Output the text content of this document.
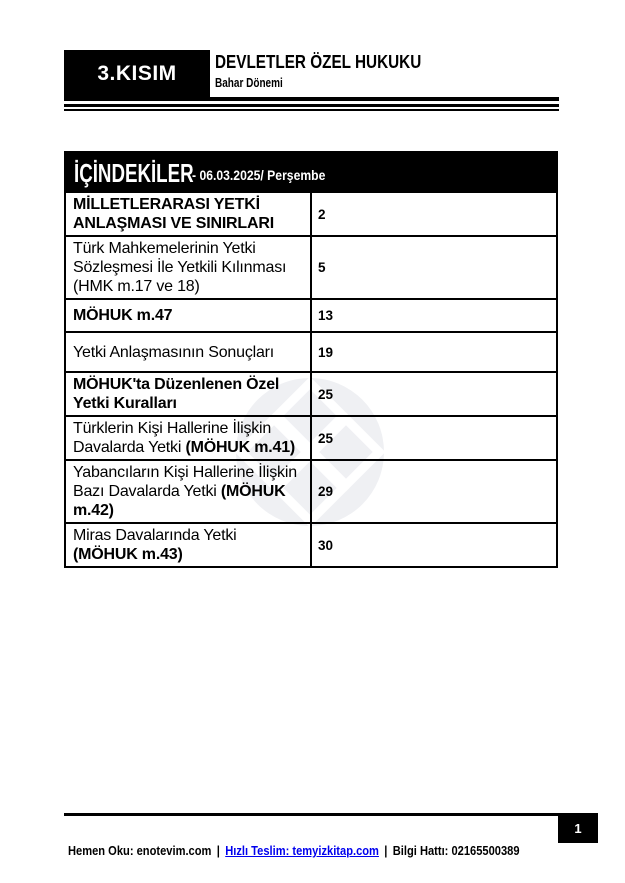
3.KISIM DEVLETLER ÖZEL HUKUKU
Bahar Dönemi
İÇİNDEKİLER
- 06.03.2025/ Perşembe	

MİLLETLERARASI YETKİ ANLAŞMASI VE SINIRLARI	2
Türk Mahkemelerinin Yetki Sözleşmesi İle Yetkili Kılınması (HMK m.17 ve 18)	5
MÖHUK m.47	13
Yetki Anlaşmasının Sonuçları	19
MÖHUK'ta Düzenlenen Özel Yetki Kuralları	25
Türklerin Kişi Hallerine İlişkin Davalarda Yetki (MÖHUK m.41)	25
Yabancıların Kişi Hallerine İlişkin Bazı Davalarda Yetki (MÖHUK m.42)	29
Miras Davalarında Yetki (MÖHUK m.43)	30
1
Hemen Oku: enotevim.com | Hızlı Teslim: temyizkitap.com | Bilgi Hattı: 02165500389
